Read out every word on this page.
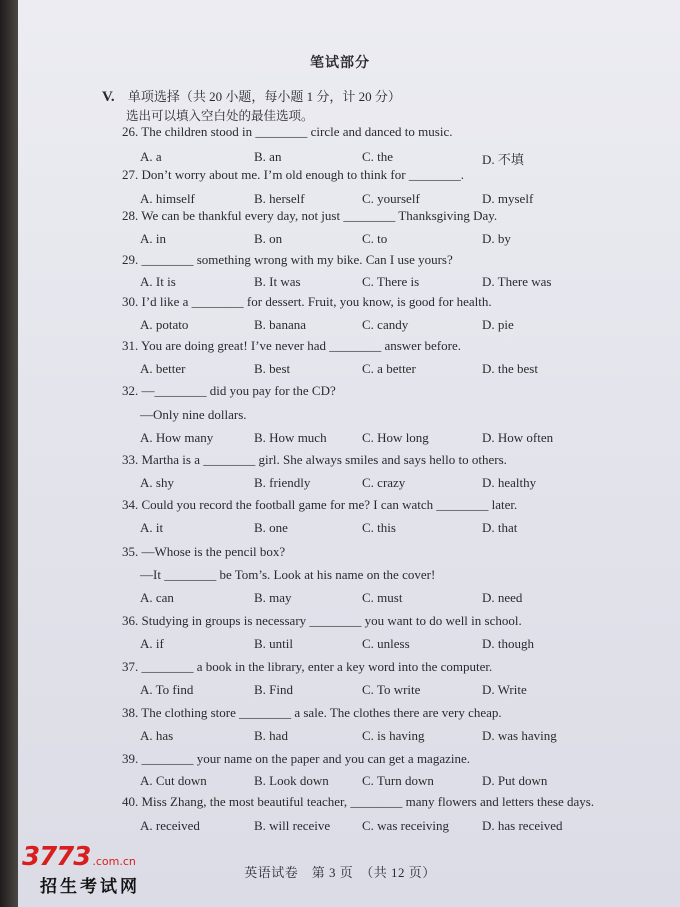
笔试部分
V. 单项选择（共 20 小题，每小题 1 分，计 20 分）
选出可以填入空白处的最佳选项。
26. The children stood in ________ circle and danced to music.
A. a	B. an	C. the	D. 不填
27. Don’t worry about me. I’m old enough to think for ________.
A. himself	B. herself	C. yourself	D. myself
28. We can be thankful every day, not just ________ Thanksgiving Day.
A. in	B. on	C. to	D. by
29. ________ something wrong with my bike. Can I use yours?
A. It is	B. It was	C. There is	D. There was
30. I’d like a ________ for dessert. Fruit, you know, is good for health.
A. potato	B. banana	C. candy	D. pie
31. You are doing great! I’ve never had ________ answer before.
A. better	B. best	C. a better	D. the best
32. —________ did you pay for the CD?
—Only nine dollars.
A. How many	B. How much	C. How long	D. How often
33. Martha is a ________ girl. She always smiles and says hello to others.
A. shy	B. friendly	C. crazy	D. healthy
34. Could you record the football game for me? I can watch ________ later.
A. it	B. one	C. this	D. that
35. —Whose is the pencil box?
—It ________ be Tom’s. Look at his name on the cover!
A. can	B. may	C. must	D. need
36. Studying in groups is necessary ________ you want to do well in school.
A. if	B. until	C. unless	D. though
37. ________ a book in the library, enter a key word into the computer.
A. To find	B. Find	C. To write	D. Write
38. The clothing store ________ a sale. The clothes there are very cheap.
A. has	B. had	C. is having	D. was having
39. ________ your name on the paper and you can get a magazine.
A. Cut down	B. Look down	C. Turn down	D. Put down
40. Miss Zhang, the most beautiful teacher, ________ many flowers and letters these days.
A. received	B. will receive C. was receiving	D. has received
英语试卷　第 3 页　（共 12 页）
3773 .com.cn
招生考试网
